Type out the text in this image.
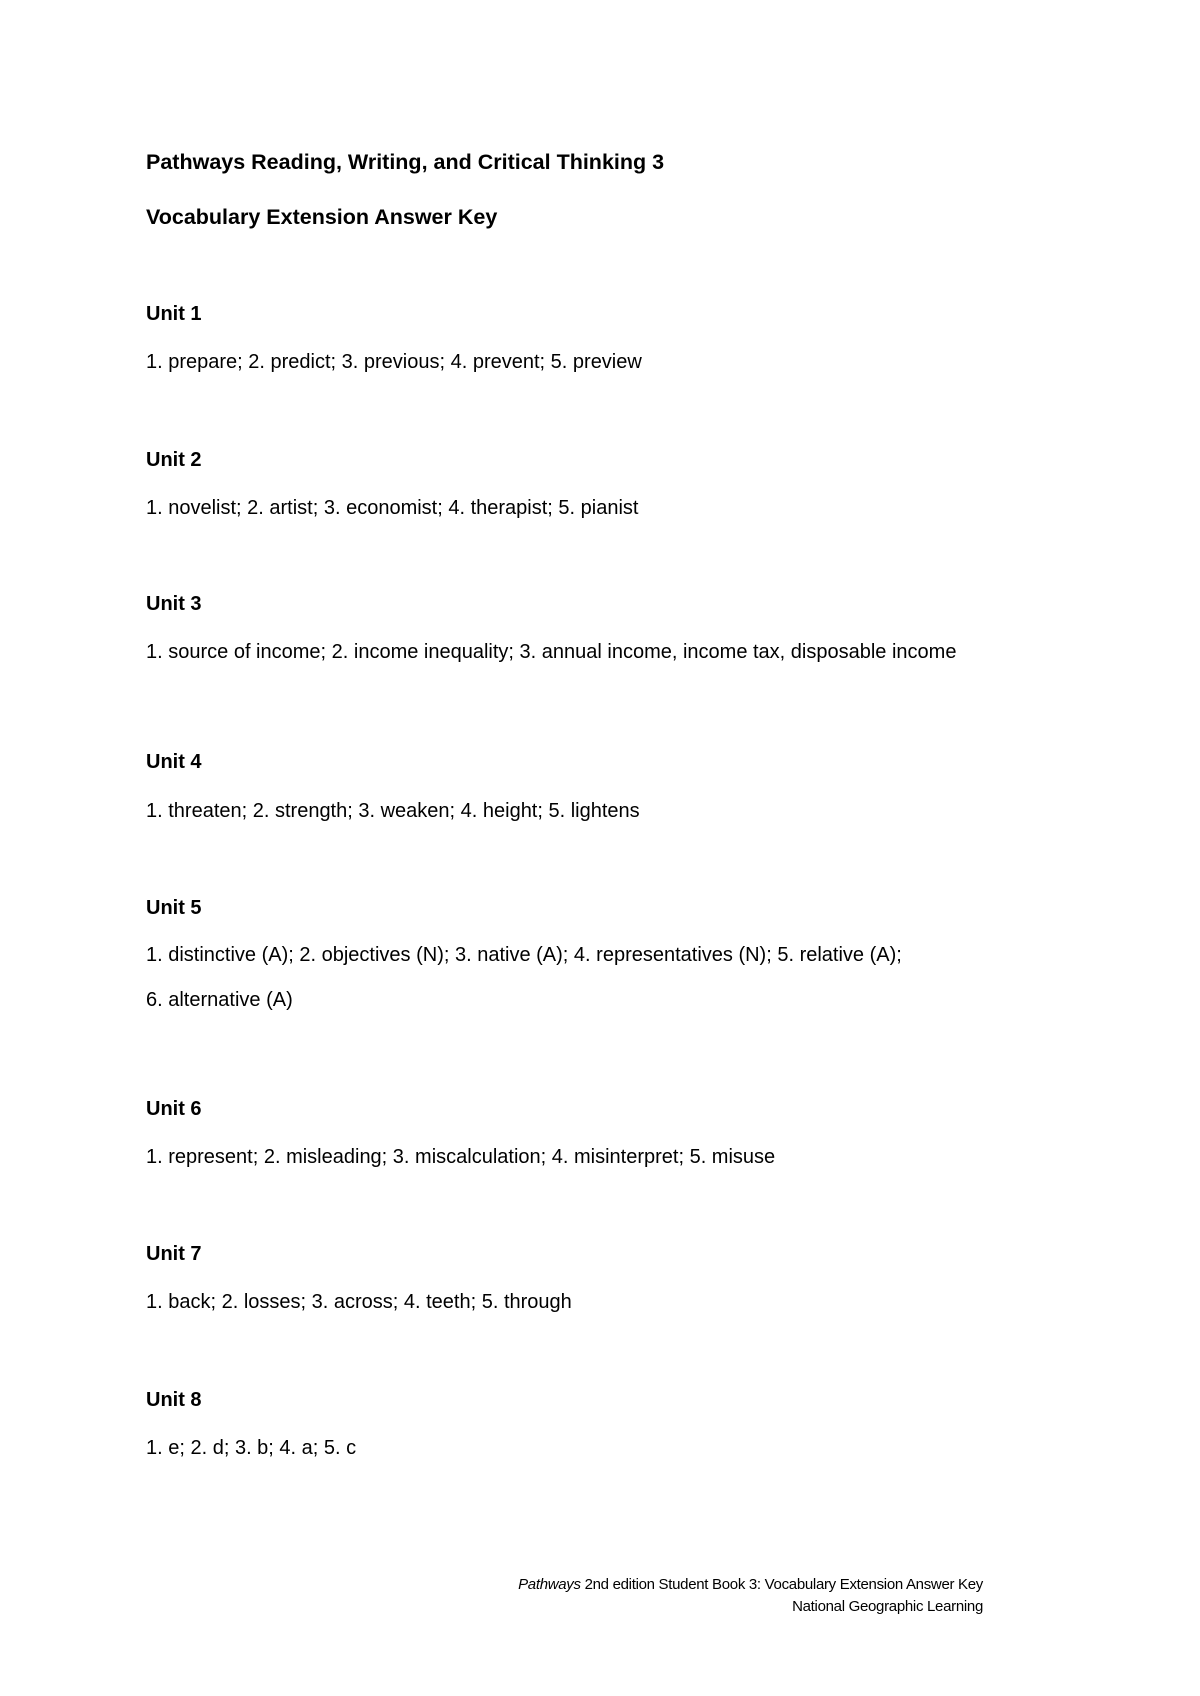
Pathways Reading, Writing, and Critical Thinking 3
Vocabulary Extension Answer Key
Unit 1
1. prepare; 2. predict; 3. previous; 4. prevent; 5. preview
Unit 2
1. novelist; 2. artist; 3. economist; 4. therapist; 5. pianist
Unit 3
1. source of income; 2. income inequality; 3. annual income, income tax, disposable income
Unit 4
1. threaten; 2. strength; 3. weaken; 4. height; 5. lightens
Unit 5
1. distinctive (A); 2. objectives (N); 3. native (A); 4. representatives (N); 5. relative (A);
6. alternative (A)
Unit 6
1. represent; 2. misleading; 3. miscalculation; 4. misinterpret; 5. misuse
Unit 7
1. back; 2. losses; 3. across; 4. teeth; 5. through
Unit 8
1. e; 2. d; 3. b; 4. a; 5. c
Pathways 2nd edition Student Book 3: Vocabulary Extension Answer Key
National Geographic Learning
